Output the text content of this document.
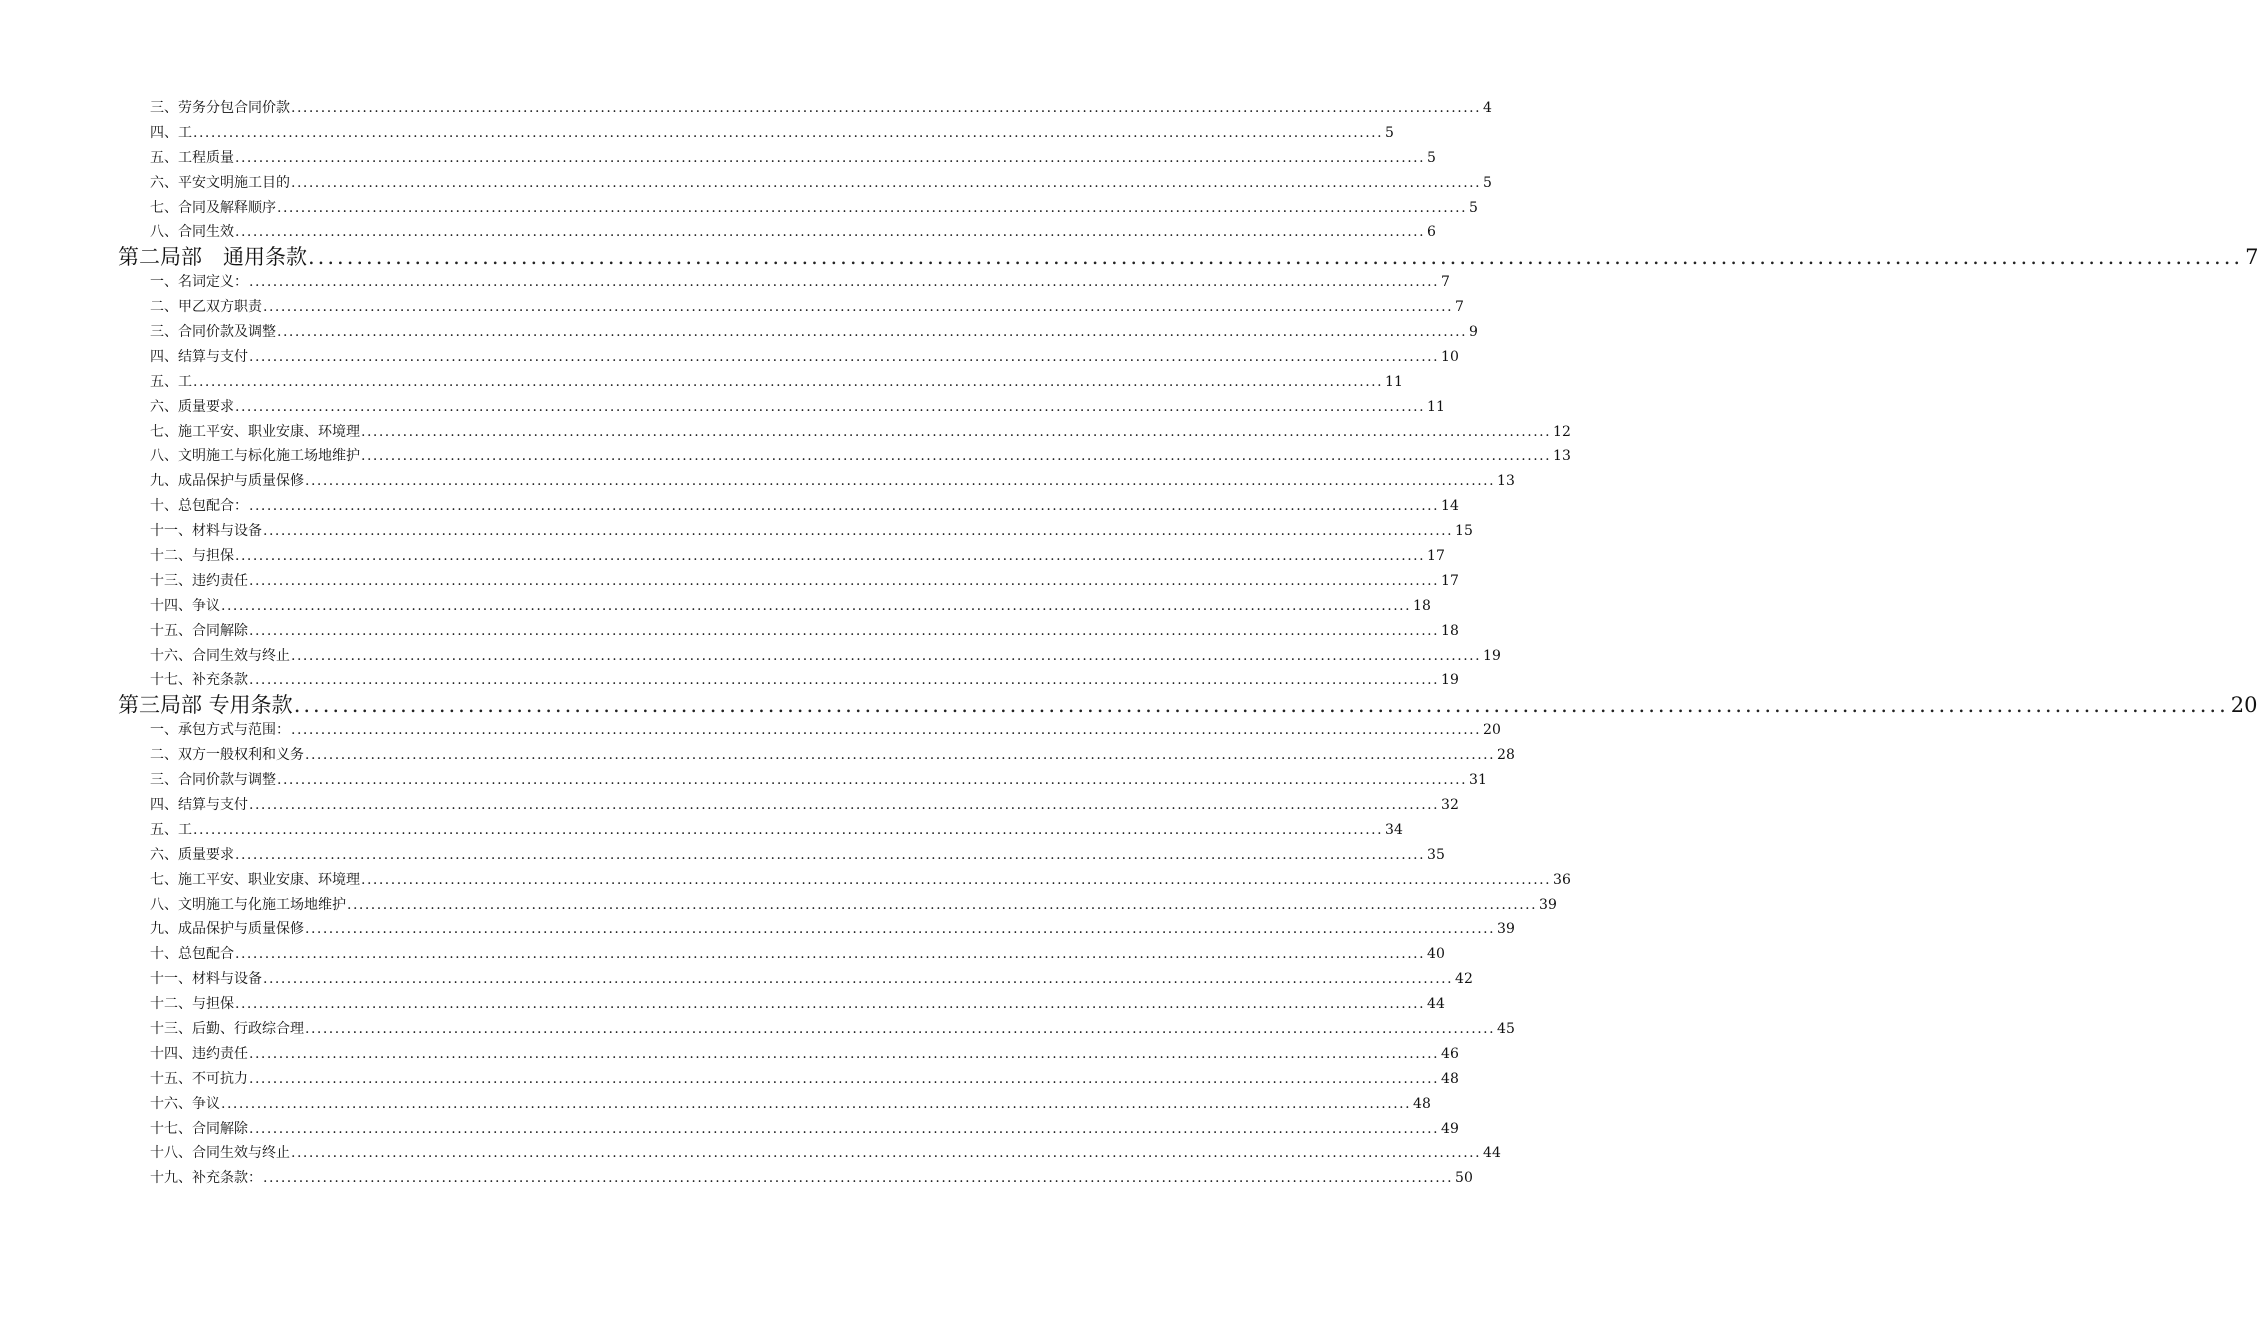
三、劳务分包合同价款 ........................................................................................................................................................................................................ 4
四、工 ........................................................................................................................................................................................................ 5
五、工程质量 ........................................................................................................................................................................................................ 5
六、平安文明施工目的 ........................................................................................................................................................................................................ 5
七、合同及解释顺序 ........................................................................................................................................................................................................ 5
八、合同生效 ........................................................................................................................................................................................................ 6
第二局部　通用条款 ........................................................................................................................................................................................................ 7
一、名词定义： ........................................................................................................................................................................................................ 7
二、甲乙双方职责 ........................................................................................................................................................................................................ 7
三、合同价款及调整 ........................................................................................................................................................................................................ 9
四、结算与支付 ........................................................................................................................................................................................................ 10
五、工 ........................................................................................................................................................................................................ 11
六、质量要求 ........................................................................................................................................................................................................ 11
七、施工平安、职业安康、环境理 ........................................................................................................................................................................................................ 12
八、文明施工与标化施工场地维护 ........................................................................................................................................................................................................ 13
九、成品保护与质量保修 ........................................................................................................................................................................................................ 13
十、总包配合： ........................................................................................................................................................................................................ 14
十一、材料与设备 ........................................................................................................................................................................................................ 15
十二、与担保 ........................................................................................................................................................................................................ 17
十三、违约责任 ........................................................................................................................................................................................................ 17
十四、争议 ........................................................................................................................................................................................................ 18
十五、合同解除 ........................................................................................................................................................................................................ 18
十六、合同生效与终止 ........................................................................................................................................................................................................ 19
十七、补充条款 ........................................................................................................................................................................................................ 19
第三局部 专用条款 ........................................................................................................................................................................................................ 20
一、承包方式与范围： ........................................................................................................................................................................................................ 20
二、双方一般权利和义务 ........................................................................................................................................................................................................ 28
三、合同价款与调整 ........................................................................................................................................................................................................ 31
四、结算与支付 ........................................................................................................................................................................................................ 32
五、工 ........................................................................................................................................................................................................ 34
六、质量要求 ........................................................................................................................................................................................................ 35
七、施工平安、职业安康、环境理 ........................................................................................................................................................................................................ 36
八、文明施工与化施工场地维护 ........................................................................................................................................................................................................ 39
九、成品保护与质量保修 ........................................................................................................................................................................................................ 39
十、总包配合 ........................................................................................................................................................................................................ 40
十一、材料与设备 ........................................................................................................................................................................................................ 42
十二、与担保 ........................................................................................................................................................................................................ 44
十三、后勤、行政综合理 ........................................................................................................................................................................................................ 45
十四、违约责任 ........................................................................................................................................................................................................ 46
十五、不可抗力 ........................................................................................................................................................................................................ 48
十六、争议 ........................................................................................................................................................................................................ 48
十七、合同解除 ........................................................................................................................................................................................................ 49
十八、合同生效与终止 ........................................................................................................................................................................................................ 44
十九、补充条款： ........................................................................................................................................................................................................ 50
